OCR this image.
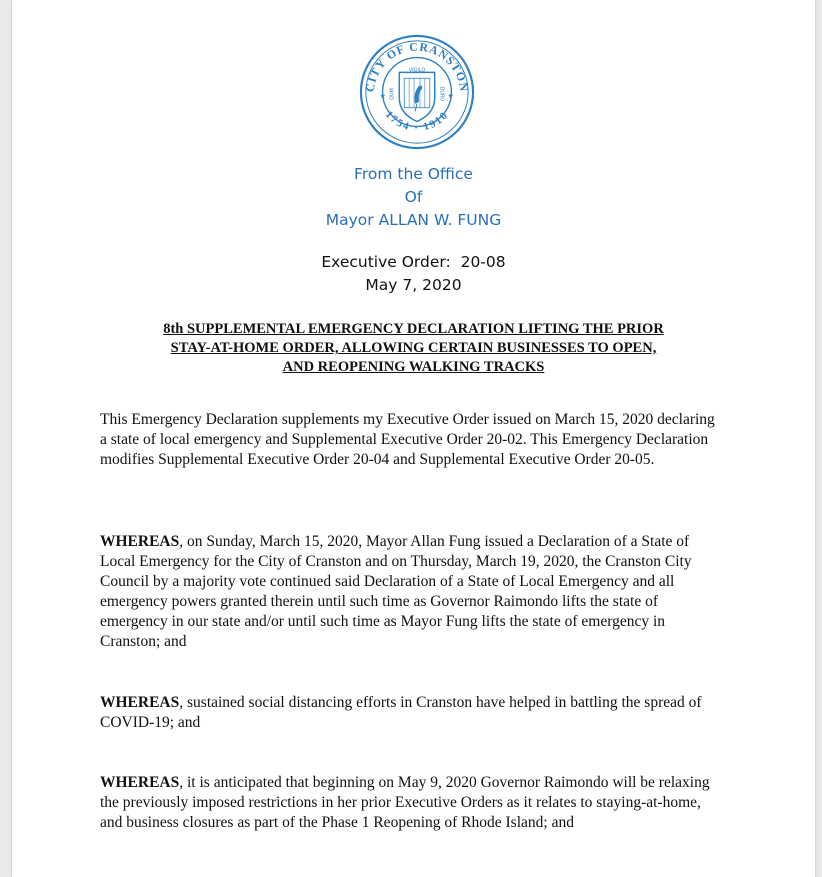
CITY OF CRANSTON
1754 · 1910
VIGILO
DUM	DURO
★	★
From the Office
Of
Mayor ALLAN W. FUNG
Executive Order:  20-08
May 7, 2020
8th SUPPLEMENTAL EMERGENCY DECLARATION LIFTING THE PRIOR
STAY-AT-HOME ORDER, ALLOWING CERTAIN BUSINESSES TO OPEN,
AND REOPENING WALKING TRACKS
This Emergency Declaration supplements my Executive Order issued on March 15, 2020 declaring a state of local emergency and Supplemental Executive Order 20-02. This Emergency Declaration modifies Supplemental Executive Order 20-04 and Supplemental Executive Order 20-05.
WHEREAS, on Sunday, March 15, 2020, Mayor Allan Fung issued a Declaration of a State of Local Emergency for the City of Cranston and on Thursday, March 19, 2020, the Cranston City Council by a majority vote continued said Declaration of a State of Local Emergency and all emergency powers granted therein until such time as Governor Raimondo lifts the state of emergency in our state and/or until such time as Mayor Fung lifts the state of emergency in Cranston; and
WHEREAS, sustained social distancing efforts in Cranston have helped in battling the spread of COVID-19; and
WHEREAS, it is anticipated that beginning on May 9, 2020 Governor Raimondo will be relaxing the previously imposed restrictions in her prior Executive Orders as it relates to staying-at-home, and business closures as part of the Phase 1 Reopening of Rhode Island; and
